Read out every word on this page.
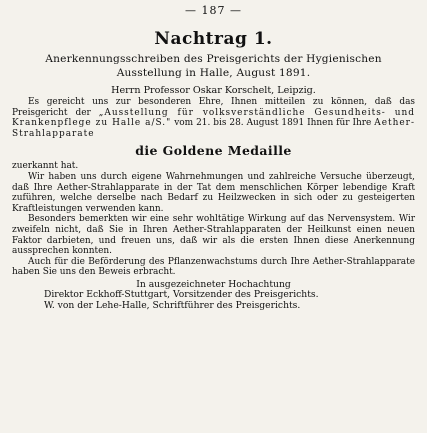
— 187 —
Nachtrag 1.
Anerkennungsschreiben des Preisgerichts der Hygienischen
Ausstellung in Halle, August 1891.
Herrn Professor Oskar Korschelt, Leipzig.

Es gereicht uns zur besonderen Ehre, Ihnen mitteilen zu können, daß das Preisgericht der „Ausstellung für volksverständliche Gesundheits- und Krankenpflege zu Halle a/S." vom 21. bis 28. August 1891 Ihnen für Ihre Aether-Strahlapparate

die Goldene Medaille

zuerkannt hat.

Wir haben uns durch eigene Wahrnehmungen und zahlreiche Versuche überzeugt, daß Ihre Aether-Strahlapparate in der Tat dem menschlichen Körper lebendige Kraft zuführen, welche derselbe nach Bedarf zu Heilzwecken in sich oder zu gesteigerten Kraftleistungen verwenden kann.

Besonders bemerkten wir eine sehr wohltätige Wirkung auf das Nervensystem. Wir zweifeln nicht, daß Sie in Ihren Aether-Strahlapparaten der Heilkunst einen neuen Faktor darbieten, und freuen uns, daß wir als die ersten Ihnen diese Anerkennung aussprechen konnten.

Auch für die Beförderung des Pflanzenwachstums durch Ihre Aether-Strahlapparate haben Sie uns den Beweis erbracht.

In ausgezeichneter Hochachtung
Direktor Eckhoff-Stuttgart, Vorsitzender des Preisgerichts.
W. von der Lehe-Halle, Schriftführer des Preisgerichts.
